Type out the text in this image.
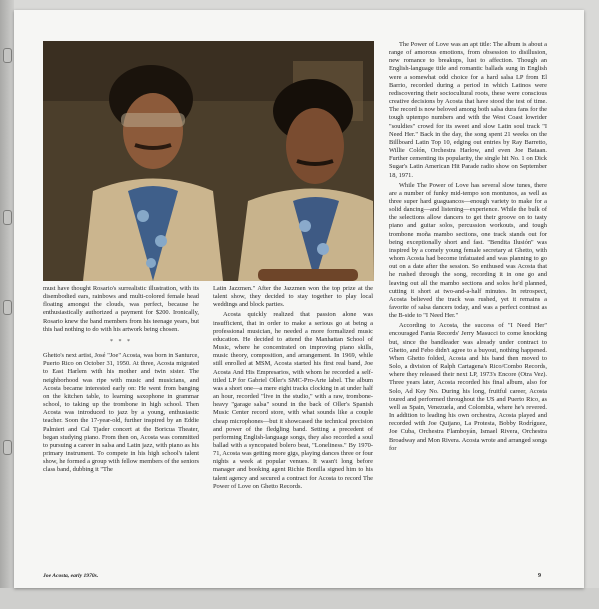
must have thought Rosario's surrealistic illustration, with its disembodied ears, rainbows and multi-colored female head floating amongst the clouds, was perfect, because he enthusiastically authorized a payment for $200. Ironically, Rosario knew the band members from his teenage years, but this had nothing to do with his artwork being chosen.

* * *

Ghetto's next artist, José "Joe" Acosta, was born in Santurce, Puerto Rico on October 31, 1950. At three, Acosta migrated to East Harlem with his mother and twin sister. The neighborhood was ripe with music and musicians, and Acosta became interested early on: He went from banging on the kitchen table, to learning saxophone in grammar school, to taking up the trombone in high school. Then Acosta was introduced to jazz by a young, enthusiastic teacher. Soon the 17-year-old, further inspired by an Eddie Palmieri and Cal Tjader concert at the Boricua Theater, began studying piano. From then on, Acosta was committed to pursuing a career in salsa and Latin jazz, with piano as his primary instrument. To compete in his high school's talent show, he formed a group with fellow members of the seniors class band, dubbing it "The

Latin Jazzmen." After the Jazzmen won the top prize at the talent show, they decided to stay together to play local weddings and block parties.

Acosta quickly realized that passion alone was insufficient, that in order to make a serious go at being a professional musician, he needed a more formalized music education. He decided to attend the Manhattan School of Music, where he concentrated on improving piano skills, music theory, composition, and arrangement. In 1969, while still enrolled at MSM, Acosta started his first real band, Joe Acosta And His Empresarios, with whom he recorded a self-titled LP for Gabriel Oller's SMC-Pro-Arte label. The album was a short one—a mere eight tracks clocking in at under half an hour, recorded "live in the studio," with a raw, trombone-heavy "garage salsa" sound in the back of Oller's Spanish Music Center record store, with what sounds like a couple cheap microphones—but it showcased the technical precision and power of the fledgling band. Setting a precedent of performing English-language songs, they also recorded a soul ballad with a syncopated bolero beat, "Loneliness." By 1970-71, Acosta was getting more gigs, playing dances three or four nights a week at popular venues. It wasn't long before manager and booking agent Richie Bonilla signed him to his talent agency and secured a contract for Acosta to record The Power of Love on Ghetto Records.

The Power of Love was an apt title: The album is about a range of amorous emotions, from obsession to disillusion, new romance to breakups, lust to affection. Though an English-language title and romantic ballads sung in English were a somewhat odd choice for a hard salsa LP from El Barrio, recorded during a period in which Latinos were rediscovering their sociocultural roots, these were conscious creative decisions by Acosta that have stood the test of time. The record is now beloved among both salsa dura fans for the tough uptempo numbers and with the West Coast lowrider "souldies" crowd for its sweet and slow Latin soul track "I Need Her." Back in the day, the song spent 21 weeks on the Billboard Latin Top 10, edging out entries by Ray Barretto, Willie Colón, Orchestra Harlow, and even Joe Bataan. Further cementing its popularity, the single hit No. 1 on Dick Sugar's Latin American Hit Parade radio show on September 18, 1971.

While The Power of Love has several slow tunes, there are a number of funky mid-tempo son montunos, as well as three super hard guaguancos—enough variety to make for a solid dancing—and listening—experience. While the bulk of the selections allow dancers to get their groove on to tasty piano and guitar solos, percussion workouts, and tough trombone moña mambo sections, one track stands out for being exceptionally short and fast. "Bendita Ilusión" was inspired by a comely young female secretary at Ghetto, with whom Acosta had become infatuated and was planning to go out on a date after the session. So enthused was Acosta that he rushed through the song, recording it in one go and leaving out all the mambo sections and solos he'd planned, cutting it short at two-and-a-half minutes. In retrospect, Acosta believed the track was rushed, yet it remains a favorite of salsa dancers today, and was a perfect contrast as the B-side to "I Need Her."

According to Acosta, the success of "I Need Her" encouraged Fania Records' Jerry Masucci to come knocking but, since the bandleader was already under contract to Ghetto, and Febo didn't agree to a buyout, nothing happened. When Ghetto folded, Acosta and his band then moved to Solo, a division of Ralph Cartagena's Rico/Combo Records, where they released their next LP, 1973's Encore (Otra Vez). Three years later, Acosta recorded his final album, also for Solo, Ad Key No. During his long, fruitful career, Acosta toured and performed throughout the US and Puerto Rico, as well as Spain, Venezuela, and Colombia, where he's revered. In addition to leading his own orchestra, Acosta played and recorded with Joe Quijano, La Protesta, Bobby Rodríguez, Joe Cuba, Orchestra Flamboyán, Ismael Rivera, Orchestra Broadway and Mon Rivera. Acosta wrote and arranged songs for

Joe Acosta, early 1970s.	9
